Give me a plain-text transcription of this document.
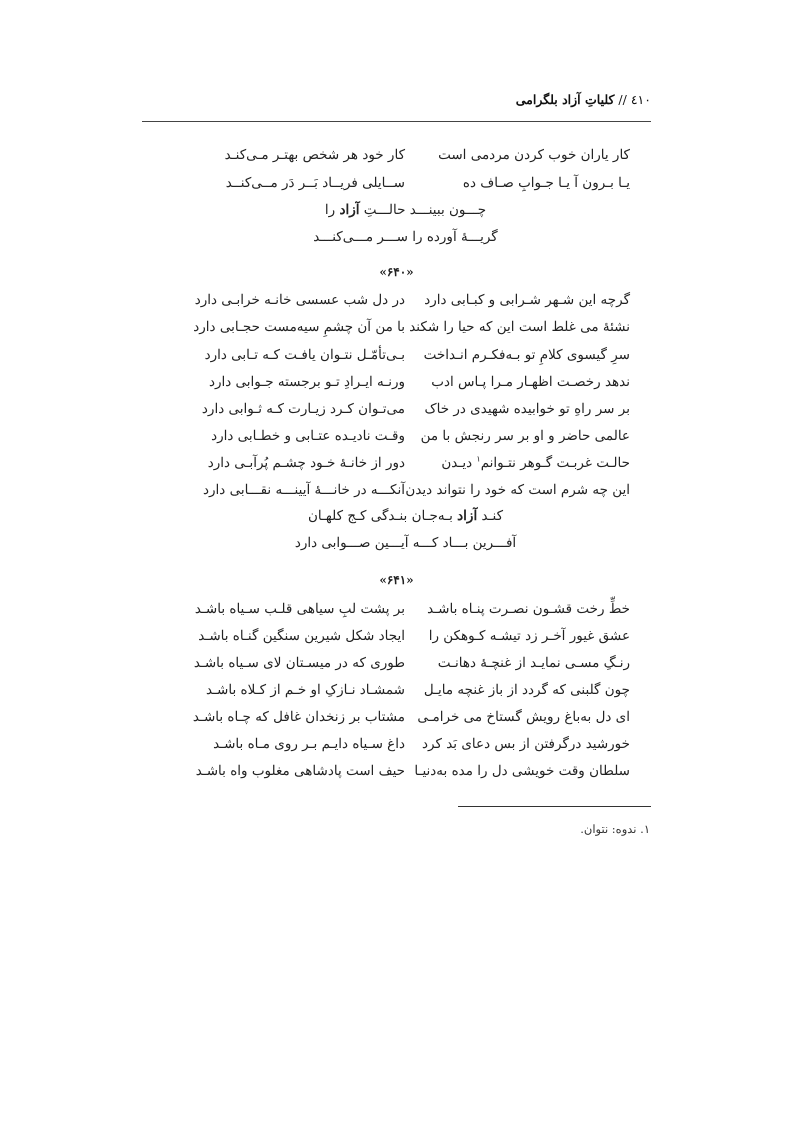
٤١٠ // کلیاتِ آزاد بلگرامی
کار یاران خوب کردن مردمی است
کار خود هر شخص بهتـر مـی‌کنـد
یـا بـرون آ یـا جـوابِ صـاف ده
ســایلی فریــاد بَــر دَر مــی‌کنــد
چـــون ببینـــد حالـــتِ آزاد را
گریـــهٔ آورده را ســـر مـــی‌کنـــد
«۶۴۰»
گرچه این شـهر شـرابی و کبـابی دارد
در دل شب عسسی خانـه خرابـی دارد
نشئهٔ می غلط است این که حیا را شکند
با من آن چشمِ سیه‌مست حجـابی دارد
سرِ گیسوی کلامِ تو بـه‌فکـرم انـداخت
بـی‌تأمّـل نتـوان یافـت کـه تـابی دارد
ندهد رخصـت اظهـار مـرا پـاس ادب
ورنـه ایـرادِ تـو برجسته جـوابی دارد
بر سر راهِ تو خوابیده شهیدی در خاک
می‌تـوان کـرد زیـارت کـه ثـوابی دارد
عالمی حاضر و او بر سر رنجش با من
وقـت نادیـده عتـابی و خطـابی دارد
حالـت غربـت گـوهر نتـوانم$^١$ دیـدن
دور از خانـهٔ خـود چشـم پُرآبـی دارد
این چه شرم است که خود را نتواند دیدن
آنکـــه در خانـــهٔ آیینـــه نقـــابی دارد
کنـد آزاد بـه‌جـان بنـدگی کـج کلهـان
آفـــرین بـــاد کـــه آیـــین صـــوابی دارد
«۶۴۱»
خطِّ رخت قشـون نصـرت پنـاه باشـد
بر پشت لبِ سیاهی قلـب سـیاه باشـد
عشق غیور آخـر زد تیشـه کـوهکن را
ایجاد شکل شیرین سنگین گنـاه باشـد
رنـگِ مسـی نمایـد از غنچـهٔ دهانـت
طوری که در میسـتان لای سـیاه باشـد
چون گلبنی که گردد از باز غنچه مایـل
شمشـاد نـازکِ او خـم از کـلاه باشـد
ای دل به‌باغ رویش گستاخ می خرامـی
مشتاب بر زنخدان غافل که چـاه باشـد
خورشید درگرفتن از بس دعای بَد کرد
داغ سـیاه دایـم بـر روی مـاه باشـد
سلطان وقت خویشی دل را مده به‌دنیـا
حیف است پادشاهی مغلوب واه باشـد
١. ندوه: نتوان.
